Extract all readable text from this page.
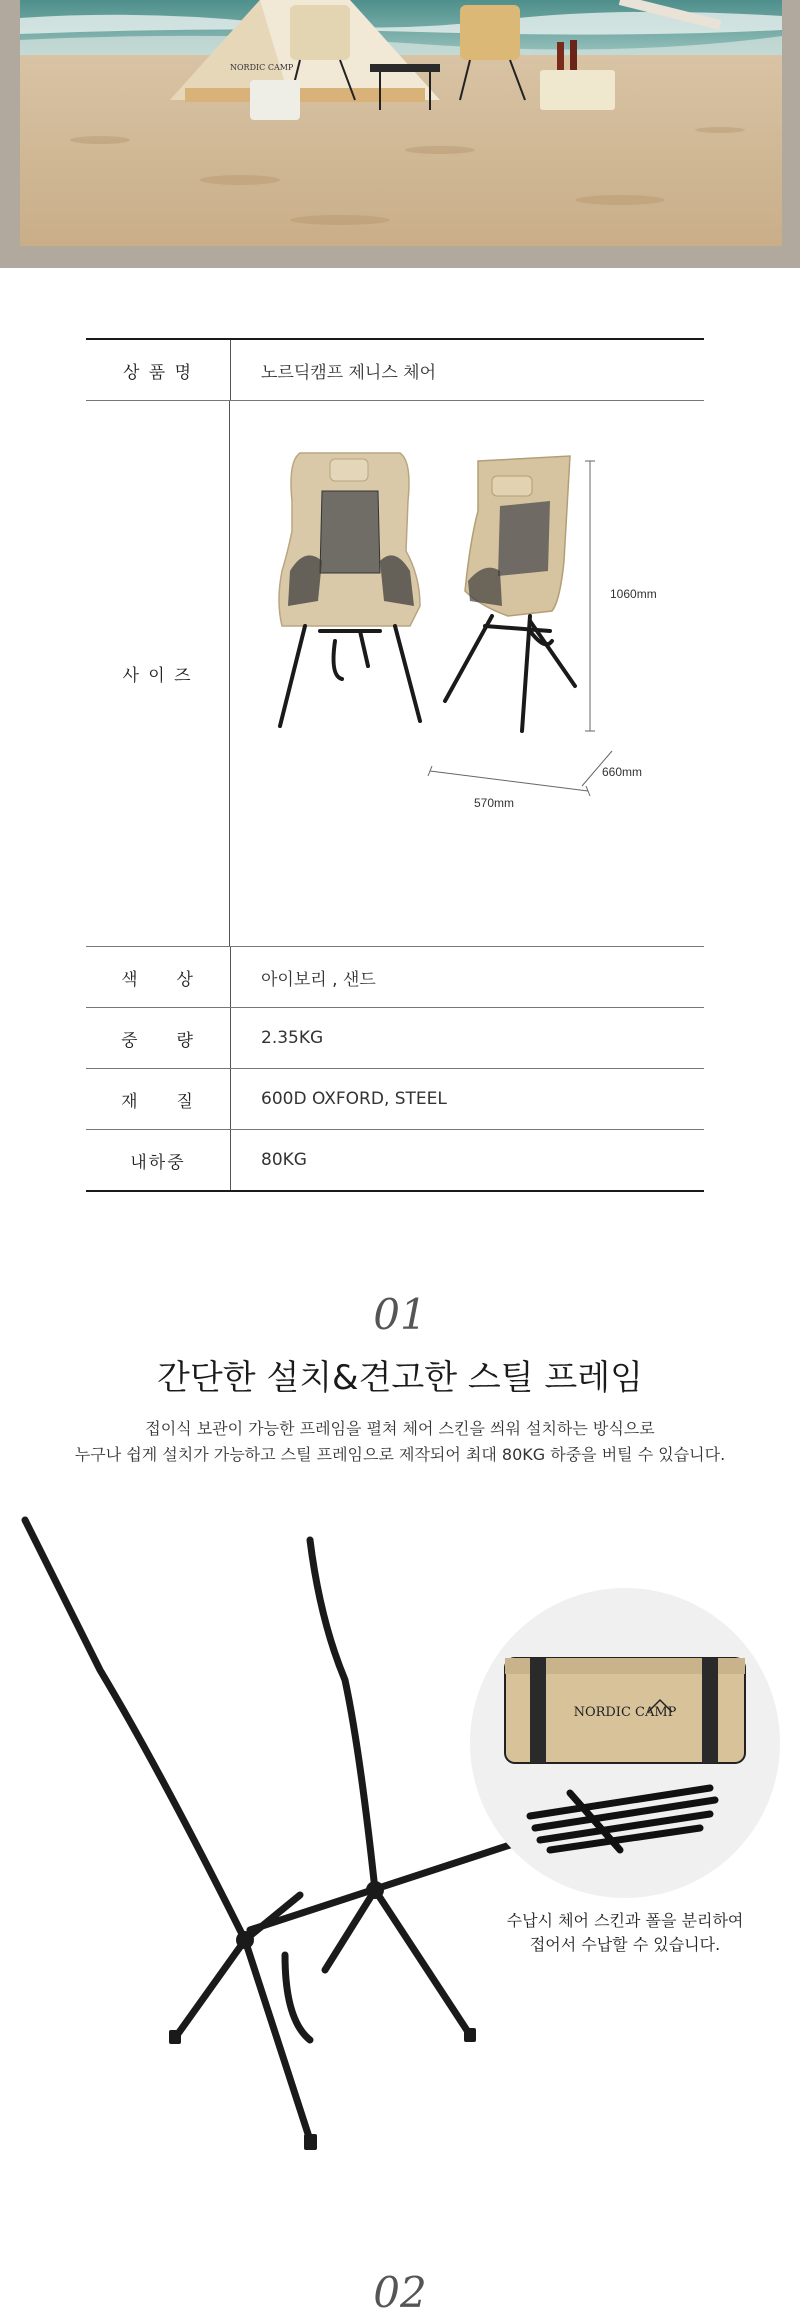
NORDIC CAMP
상 품 명	노르딕캠프 제니스 체어
사 이 즈
1060mm
660mm
570mm
색     상	아이보리 , 샌드
중     량	2.35KG
재     질	600D OXFORD, STEEL
내하중	80KG
01
간단한 설치&견고한 스틸 프레임
접이식 보관이 가능한 프레임을 펼쳐 체어 스킨을 씌워 설치하는 방식으로
누구나 쉽게 설치가 가능하고 스틸 프레임으로 제작되어 최대 80KG 하중을 버틸 수 있습니다.
NORDIC CAMP
수납시 체어 스킨과 폴을 분리하여
접어서 수납할 수 있습니다.
02
